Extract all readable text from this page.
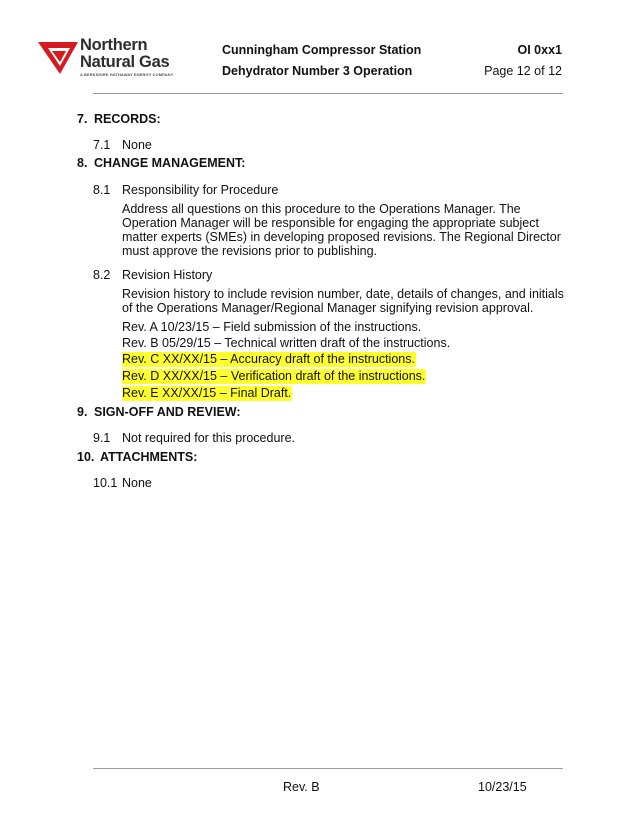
Northern
Natural Gas
A BERKSHIRE HATHAWAY ENERGY COMPANY
Cunningham Compressor Station
Dehydrator Number 3 Operation
OI 0xx1
Page 12 of 12
7. RECORDS:
7.1 None
8. CHANGE MANAGEMENT:
8.1 Responsibility for Procedure
Address all questions on this procedure to the Operations Manager. The Operation Manager will be responsible for engaging the appropriate subject matter experts (SMEs) in developing proposed revisions. The Regional Director must approve the revisions prior to publishing.
8.2 Revision History
Revision history to include revision number, date, details of changes, and initials of the Operations Manager/Regional Manager signifying revision approval.
Rev. A 10/23/15 – Field submission of the instructions.
Rev. B 05/29/15 – Technical written draft of the instructions.
Rev. C XX/XX/15 – Accuracy draft of the instructions.
Rev. D XX/XX/15 – Verification draft of the instructions.
Rev. E XX/XX/15 – Final Draft.
9. SIGN-OFF AND REVIEW:
9.1 Not required for this procedure.
10. ATTACHMENTS:
10.1 None
Rev. B	10/23/15
